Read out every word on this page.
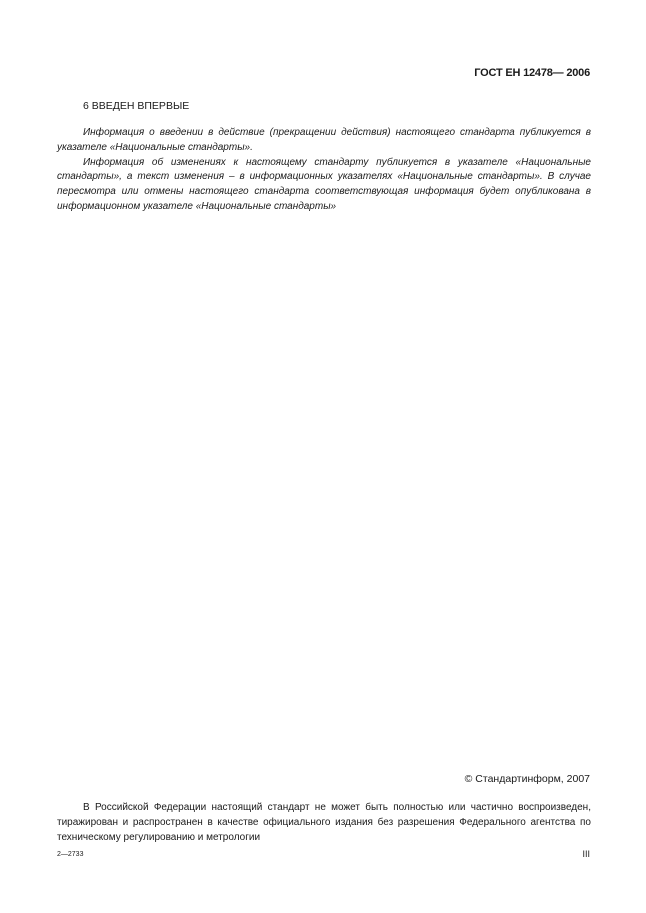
ГОСТ ЕН 12478— 2006
6 ВВЕДЕН ВПЕРВЫЕ

Информация о введении в действие (прекращении действия) настоящего стандарта публикуется в указателе «Национальные стандарты».

Информация об изменениях к настоящему стандарту публикуется в указателе «Национальные стандарты», а текст изменения – в информационных указателях «Национальные стандарты». В случае пересмотра или отмены настоящего стандарта соответствующая информация будет опубликована в информационном указателе «Национальные стандарты»

© Стандартинформ, 2007

В Российской Федерации настоящий стандарт не может быть полностью или частично воспроизведен, тиражирован и распространен в качестве официального издания без разрешения Федерального агентства по техническому регулированию и метрологии

2—2733	III
